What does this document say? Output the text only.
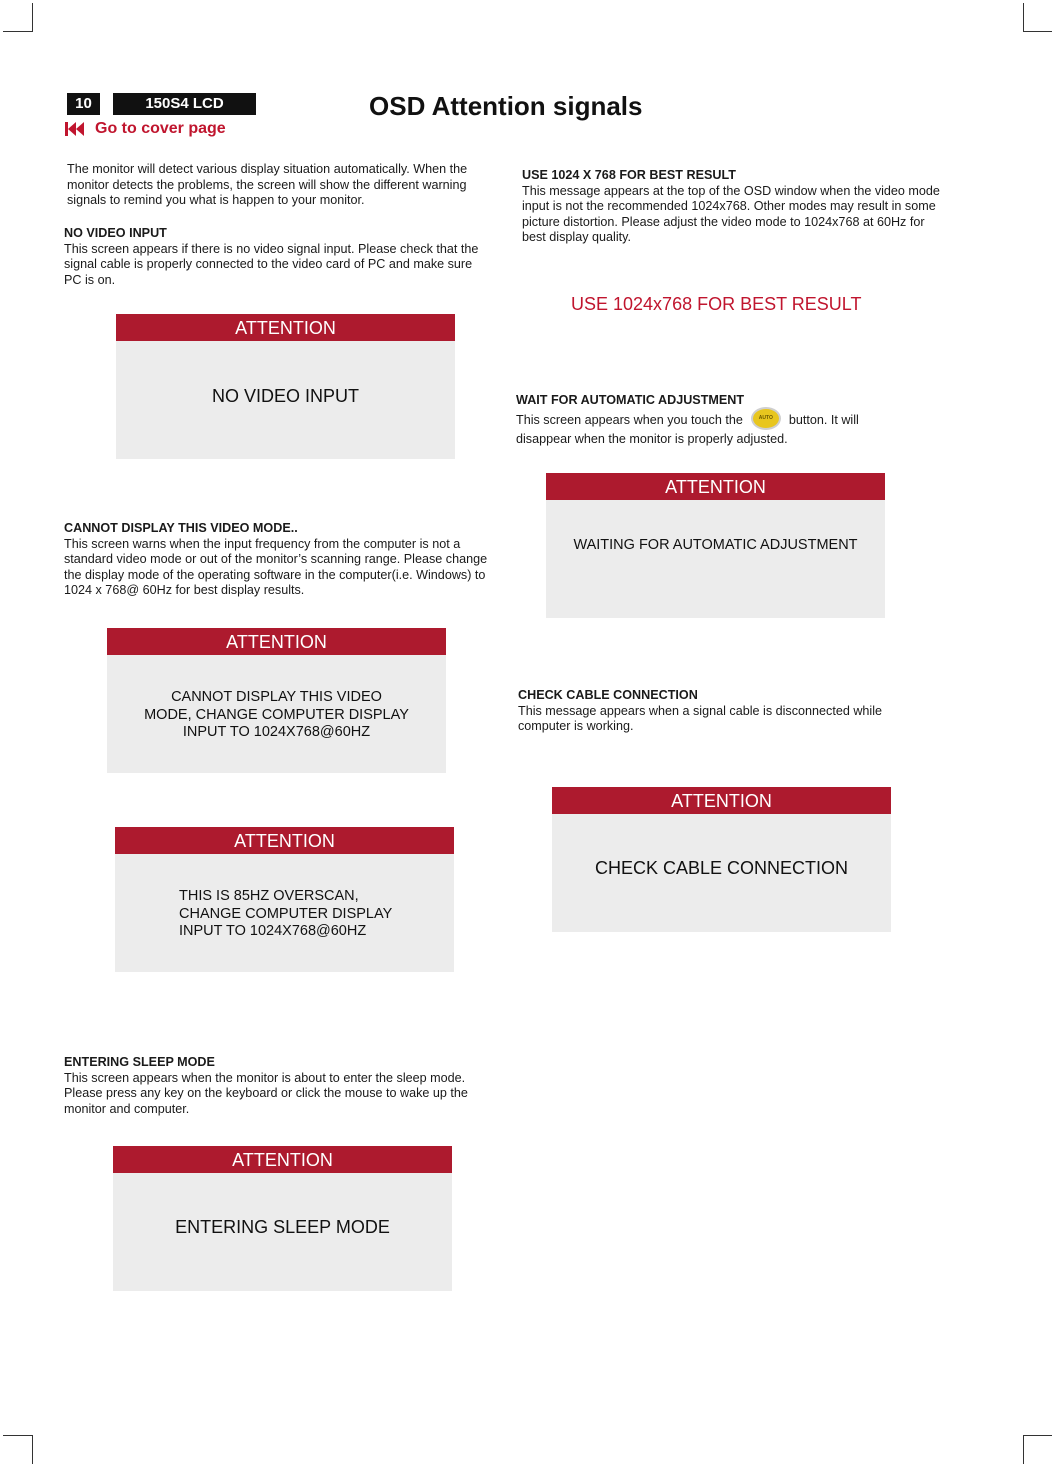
10	150S4 LCD	OSD Attention signals
Go to cover page
The monitor will detect various display situation automatically. When the monitor detects the problems, the screen will show the different warning signals to remind you what is happen to your monitor.
NO VIDEO INPUT
This screen appears if there is no video signal input. Please check that the signal cable is properly connected to the video card of PC and make sure PC is on.
ATTENTION
NO VIDEO INPUT
CANNOT DISPLAY THIS VIDEO MODE..
This screen warns when the input frequency from the computer is not a standard video mode or out of the monitor’s scanning range. Please change the display mode of the operating software in the computer(i.e. Windows) to 1024 x 768@ 60Hz for best display results.
ATTENTION
CANNOT DISPLAY THIS VIDEO
MODE, CHANGE COMPUTER DISPLAY
INPUT TO 1024X768@60HZ
ATTENTION
THIS IS 85HZ OVERSCAN,
CHANGE COMPUTER DISPLAY
INPUT TO 1024X768@60HZ
ENTERING SLEEP MODE
This screen appears when the monitor is about to enter the sleep mode. Please press any key on the keyboard or click the mouse to wake up the monitor and computer.
ATTENTION
ENTERING SLEEP MODE
USE 1024 X 768 FOR BEST RESULT
This message appears at the top of the OSD window when the video mode input is not the recommended 1024x768. Other modes may result in some picture distortion. Please adjust the video mode to 1024x768 at 60Hz for best display quality.
USE 1024x768 FOR BEST RESULT
WAIT FOR AUTOMATIC ADJUSTMENT
This screen appears when you touch the	AUTO button. It will disappear when the monitor is properly adjusted.
ATTENTION
WAITING FOR AUTOMATIC ADJUSTMENT
CHECK CABLE CONNECTION
This message appears when a signal cable is disconnected while computer is working.
ATTENTION
CHECK CABLE CONNECTION
